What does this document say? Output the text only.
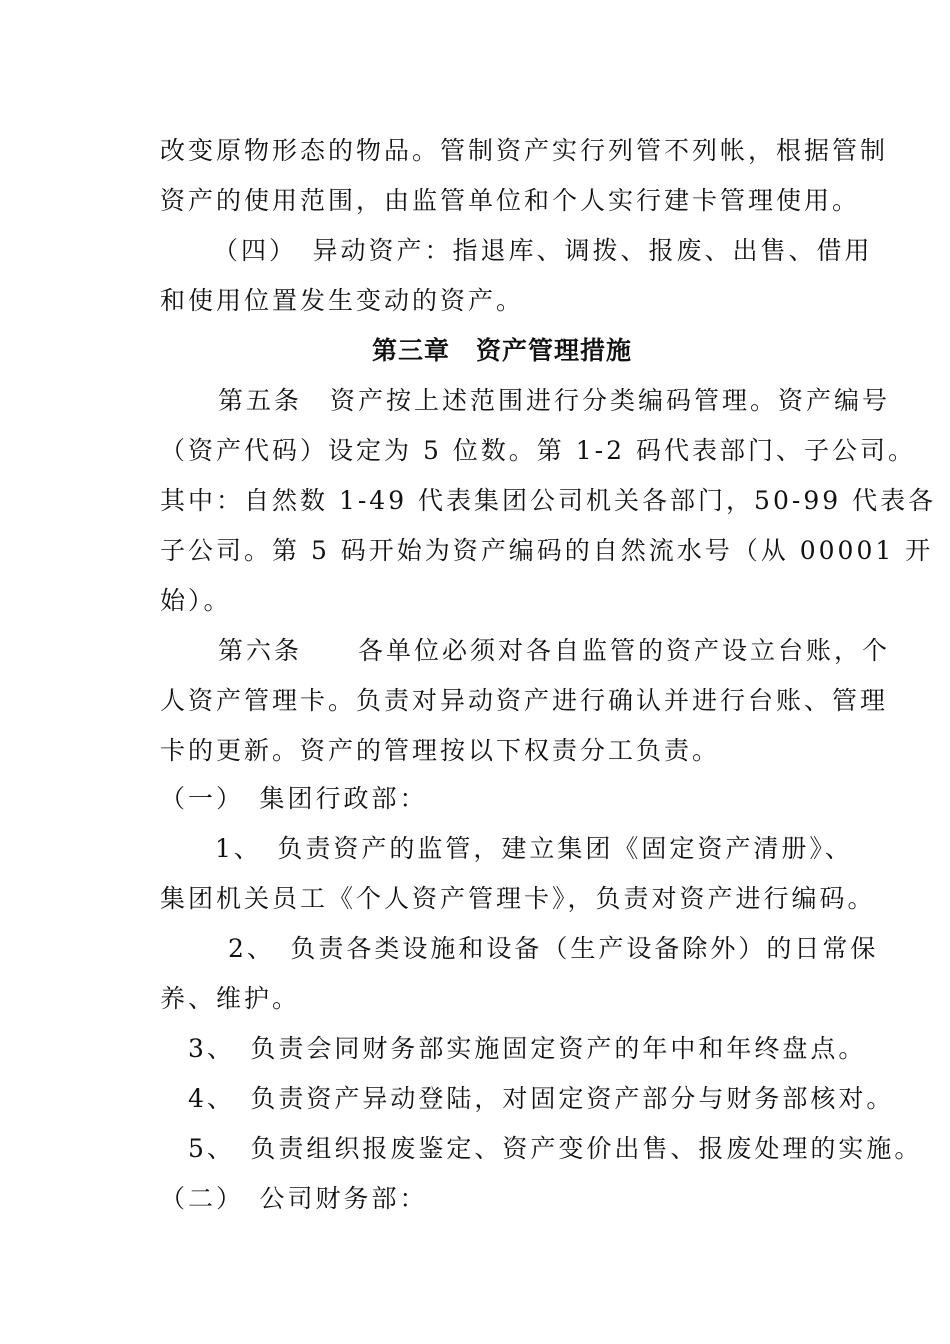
改变原物形态的物品。管制资产实行列管不列帐，根据管制
资产的使用范围，由监管单位和个人实行建卡管理使用。
（四）　异动资产：指退库、调拨、报废、出售、借用
和使用位置发生变动的资产。
第三章　资产管理措施
第五条　资产按上述范围进行分类编码管理。资产编号
（资产代码）设定为 5 位数。第 1-2 码代表部门、子公司。
其中：自然数 1-49 代表集团公司机关各部门，50-99 代表各
子公司。第 5 码开始为资产编码的自然流水号（从 00001 开
始）。
第六条　　各单位必须对各自监管的资产设立台账，个
人资产管理卡。负责对异动资产进行确认并进行台账、管理
卡的更新。资产的管理按以下权责分工负责。
（一）　集团行政部：
1、　负责资产的监管，建立集团《固定资产清册》、
集团机关员工《个人资产管理卡》，负责对资产进行编码。
2、　负责各类设施和设备（生产设备除外）的日常保
养、维护。
3、　负责会同财务部实施固定资产的年中和年终盘点。
4、　负责资产异动登陆，对固定资产部分与财务部核对。
5、　负责组织报废鉴定、资产变价出售、报废处理的实施。
（二）　公司财务部：
